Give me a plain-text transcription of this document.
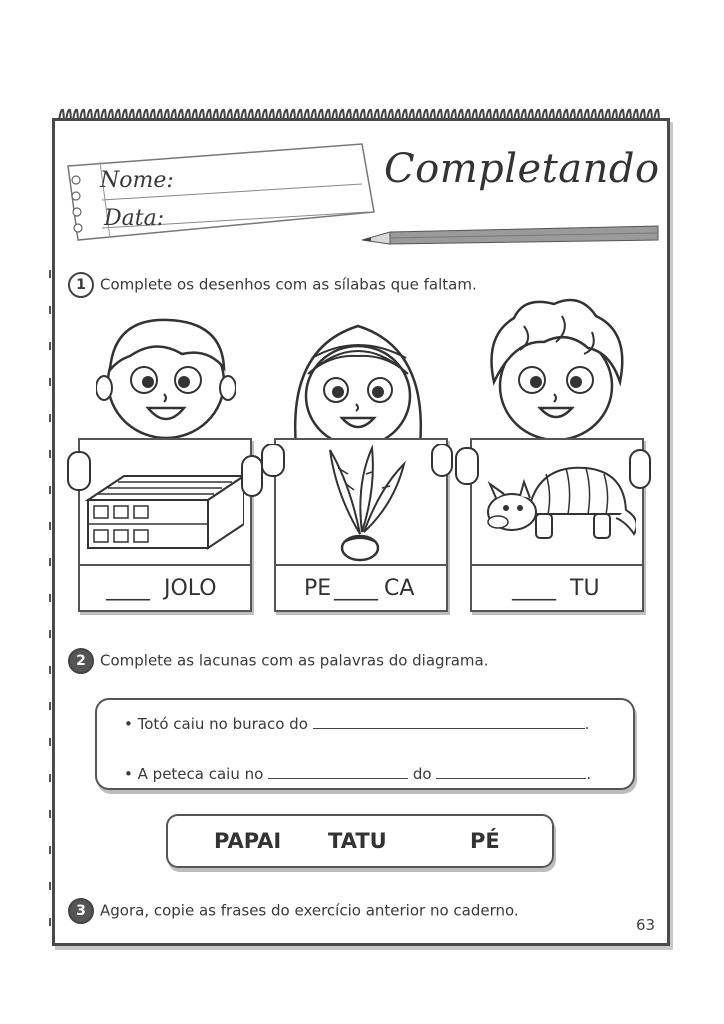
Nome:
Data:
Completando
1 Complete os desenhos com as sílabas que faltam.
____ JOLO	PE ____ CA	____ TU
2 Complete as lacunas com as palavras do diagrama.
• Totó caiu no buraco do	.
• A peteca caiu no	do	.
PAPAI TATU	PÉ
3 Agora, copie as frases do exercício anterior no caderno.
63
